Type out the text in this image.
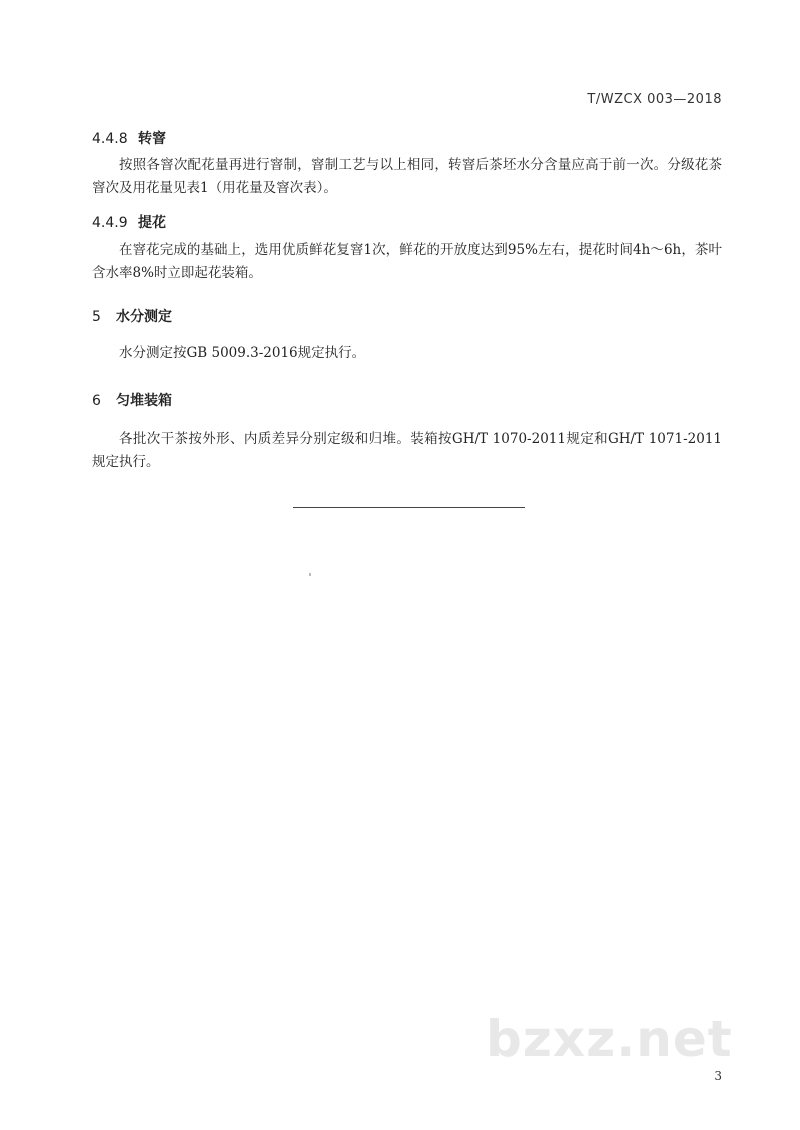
T/WZCX 003—2018
4.4.8 转窨
按照各窨次配花量再进行窨制，窨制工艺与以上相同，转窨后茶坯水分含量应高于前一次。分级花茶窨次及用花量见表1（用花量及窨次表）。
4.4.9 提花
在窨花完成的基础上，选用优质鲜花复窨1次，鲜花的开放度达到95%左右，提花时间4h～6h，茶叶含水率8%时立即起花装箱。
5 水分测定
水分测定按GB 5009.3-2016规定执行。
6 匀堆装箱
各批次干茶按外形、内质差异分别定级和归堆。装箱按GH/T 1070-2011规定和GH/T 1071-2011规定执行。
bzxz.net
3
